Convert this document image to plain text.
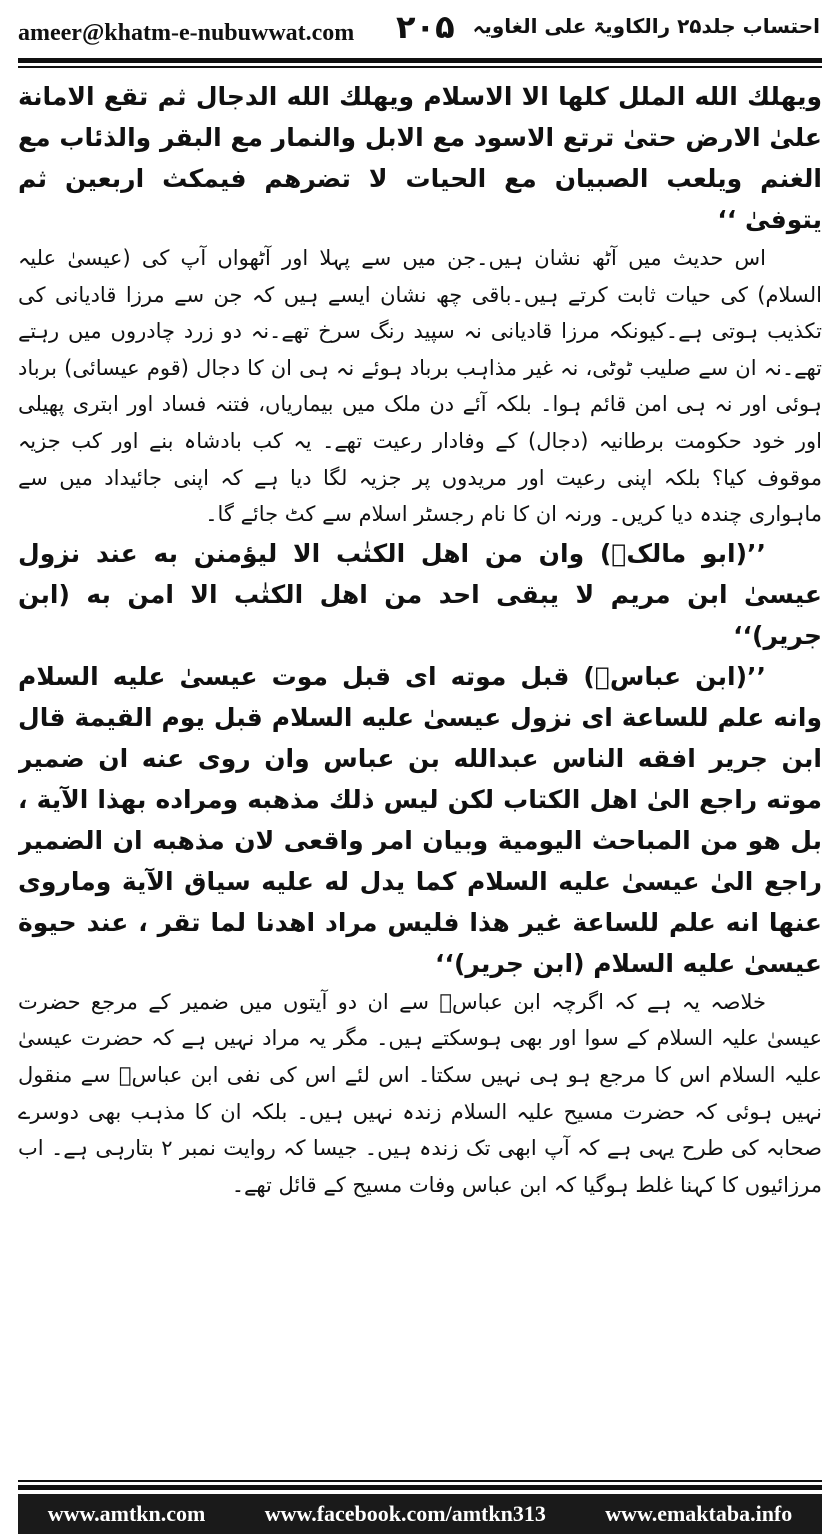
ameer@khatm-e-nubuwwat.com ۲۰۵ احتساب جلد۲۵ رالکاویۃ علی الغاویہ

ويهلك الله الملل كلها الا الاسلام ويهلك الله الدجال ثم تقع الامانة علىٰ الارض حتىٰ ترتع الاسود مع الابل والنمار مع البقر والذئاب مع الغنم ويلعب الصبيان مع الحيات لا تضرهم فيمكث اربعين ثم يتوفىٰ ‘‘

اس حدیث میں آٹھ نشان ہیں۔جن میں سے پہلا اور آٹھواں آپ کی (عیسیٰ علیہ السلام) کی حیات ثابت کرتے ہیں۔باقی چھ نشان ایسے ہیں کہ جن سے مرزا قادیانی کی تکذیب ہوتی ہے۔کیونکہ مرزا قادیانی نہ سپید رنگ سرخ تھے۔نہ دو زرد چادروں میں رہتے تھے۔نہ ان سے صلیب ٹوٹی، نہ غیر مذاہب برباد ہوئے نہ ہی ان کا دجال (قوم عیسائی) برباد ہوئی اور نہ ہی امن قائم ہوا۔ بلکہ آئے دن ملک میں بیماریاں، فتنہ فساد اور ابتری پھیلی اور خود حکومت برطانیہ (دجال) کے وفادار رعیت تھے۔ یہ کب بادشاہ بنے اور کب جزیہ موقوف کیا؟ بلکہ اپنی رعیت اور مریدوں پر جزیہ لگا دیا ہے کہ اپنی جائیداد میں سے ماہواری چندہ دیا کریں۔ ورنہ ان کا نام رجسٹر اسلام سے کٹ جائے گا۔

’’(ابو مالکؒ) وان من اهل الكتٰب الا ليؤمنن به عند نزول عيسىٰ ابن مريم لا يبقى احد من اهل الكتٰب الا امن به (ابن جرير)‘‘

’’(ابن عباسؓ) قبل موته اى قبل موت عيسىٰ عليه السلام وانه علم للساعة اى نزول عيسىٰ عليه السلام قبل يوم القيمة قال ابن جرير افقه الناس عبدالله بن عباس وان روى عنه ان ضمير موته راجع الىٰ اهل الكتاب لكن ليس ذلك مذهبه ومراده بهذا الآية ، بل هو من المباحث اليومية وبيان امر واقعى لان مذهبه ان الضمير راجع الىٰ عيسىٰ عليه السلام كما يدل له عليه سياق الآية وماروى عنها انه علم للساعة غير هذا فليس مراد اهدنا لما تقر ، عند حيوة عيسىٰ عليه السلام (ابن جرير)‘‘

خلاصہ یہ ہے کہ اگرچہ ابن عباسؓ سے ان دو آیتوں میں ضمیر کے مرجع حضرت عیسیٰ علیہ السلام کے سوا اور بھی ہوسکتے ہیں۔ مگر یہ مراد نہیں ہے کہ حضرت عیسیٰ علیہ السلام اس کا مرجع ہو ہی نہیں سکتا۔ اس لئے اس کی نفی ابن عباسؓ سے منقول نہیں ہوئی کہ حضرت مسیح علیہ السلام زندہ نہیں ہیں۔ بلکہ ان کا مذہب بھی دوسرے صحابہ کی طرح یہی ہے کہ آپ ابھی تک زندہ ہیں۔ جیسا کہ روایت نمبر ۲ بتارہی ہے۔ اب مرزائیوں کا کہنا غلط ہوگیا کہ ابن عباس وفات مسیح کے قائل تھے۔

www.amtkn.com	www.facebook.com/amtkn313	www.emaktaba.info
